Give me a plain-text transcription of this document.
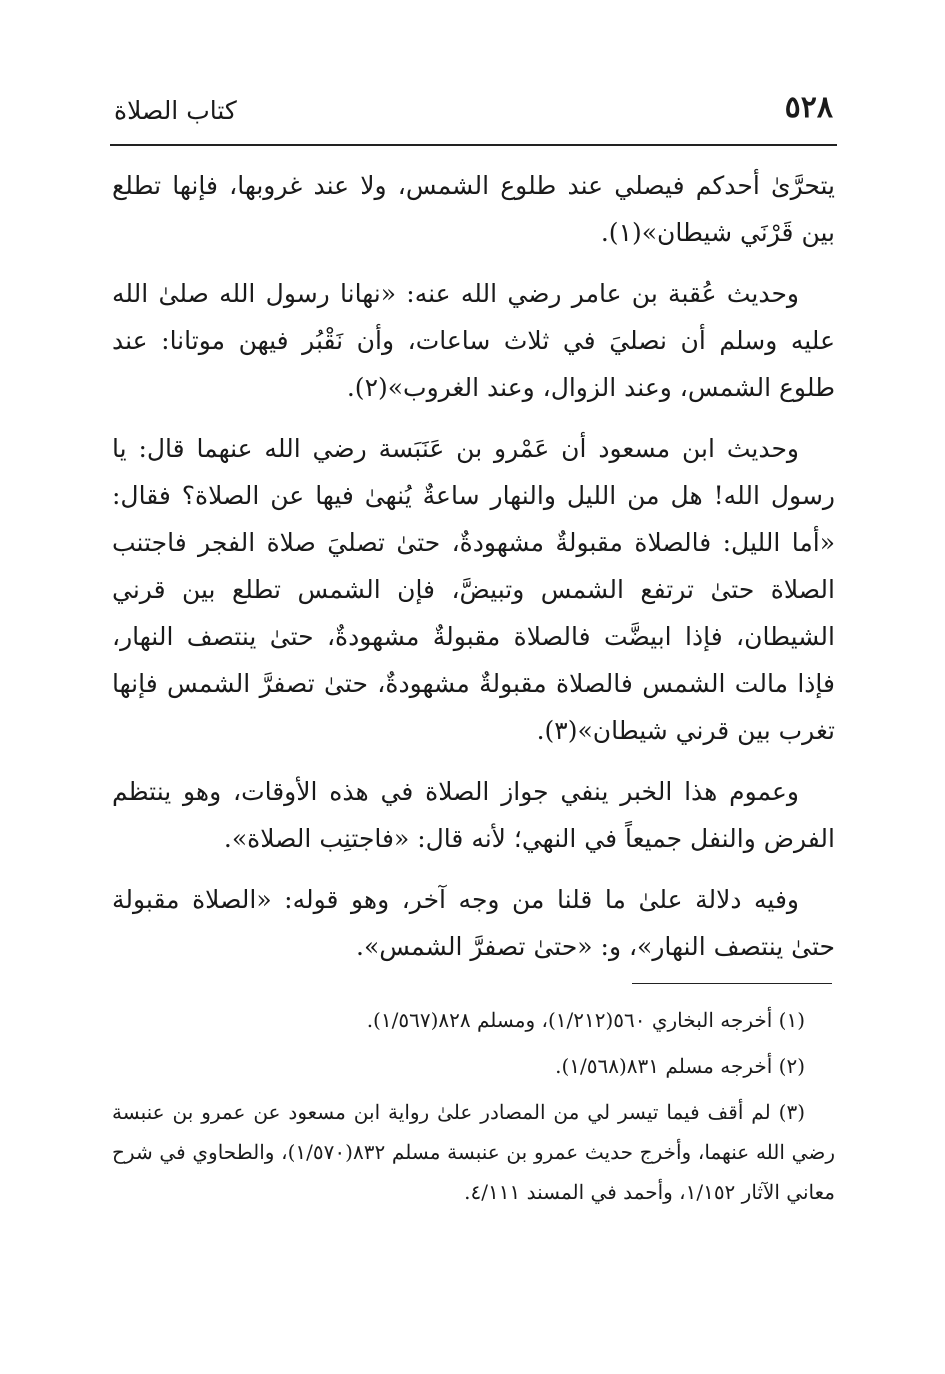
٥٢٨
كتاب الصلاة

يتحرَّىٰ أحدكم فيصلي عند طلوع الشمس، ولا عند غروبها، فإنها تطلع بين قَرْنَي شيطان»(١).

وحديث عُقبة بن عامر رضي الله عنه: «نهانا رسول الله صلىٰ الله عليه وسلم أن نصليَ في ثلاث ساعات، وأن نَقْبُر فيهن موتانا: عند طلوع الشمس، وعند الزوال، وعند الغروب»(٢).

وحديث ابن مسعود أن عَمْرو بن عَنَبَسة رضي الله عنهما قال: يا رسول الله! هل من الليل والنهار ساعةٌ يُنهىٰ فيها عن الصلاة؟ فقال: «أما الليل: فالصلاة مقبولةٌ مشهودةٌ، حتىٰ تصليَ صلاة الفجر فاجتنب الصلاة حتىٰ ترتفع الشمس وتبيضَّ، فإن الشمس تطلع بين قرني الشيطان، فإذا ابيضَّت فالصلاة مقبولةٌ مشهودةٌ، حتىٰ ينتصف النهار، فإذا مالت الشمس فالصلاة مقبولةٌ مشهودةٌ، حتىٰ تصفرَّ الشمس فإنها تغرب بين قرني شيطان»(٣).

وعموم هذا الخبر ينفي جواز الصلاة في هذه الأوقات، وهو ينتظم الفرض والنفل جميعاً في النهي؛ لأنه قال: «فاجتنِب الصلاة».

وفيه دلالة علىٰ ما قلنا من وجه آخر، وهو قوله: «الصلاة مقبولة حتىٰ ينتصف النهار»، و: «حتىٰ تصفرَّ الشمس».

(١) أخرجه البخاري ٥٦٠(١/٢١٢)، ومسلم ٨٢٨(١/٥٦٧).

(٢) أخرجه مسلم ٨٣١(١/٥٦٨).

(٣) لم أقف فيما تيسر لي من المصادر علىٰ رواية ابن مسعود عن عمرو بن عنبسة رضي الله عنهما، وأخرج حديث عمرو بن عنبسة مسلم ٨٣٢(١/٥٧٠)، والطحاوي في شرح معاني الآثار ١/١٥٢، وأحمد في المسند ٤/١١١.
